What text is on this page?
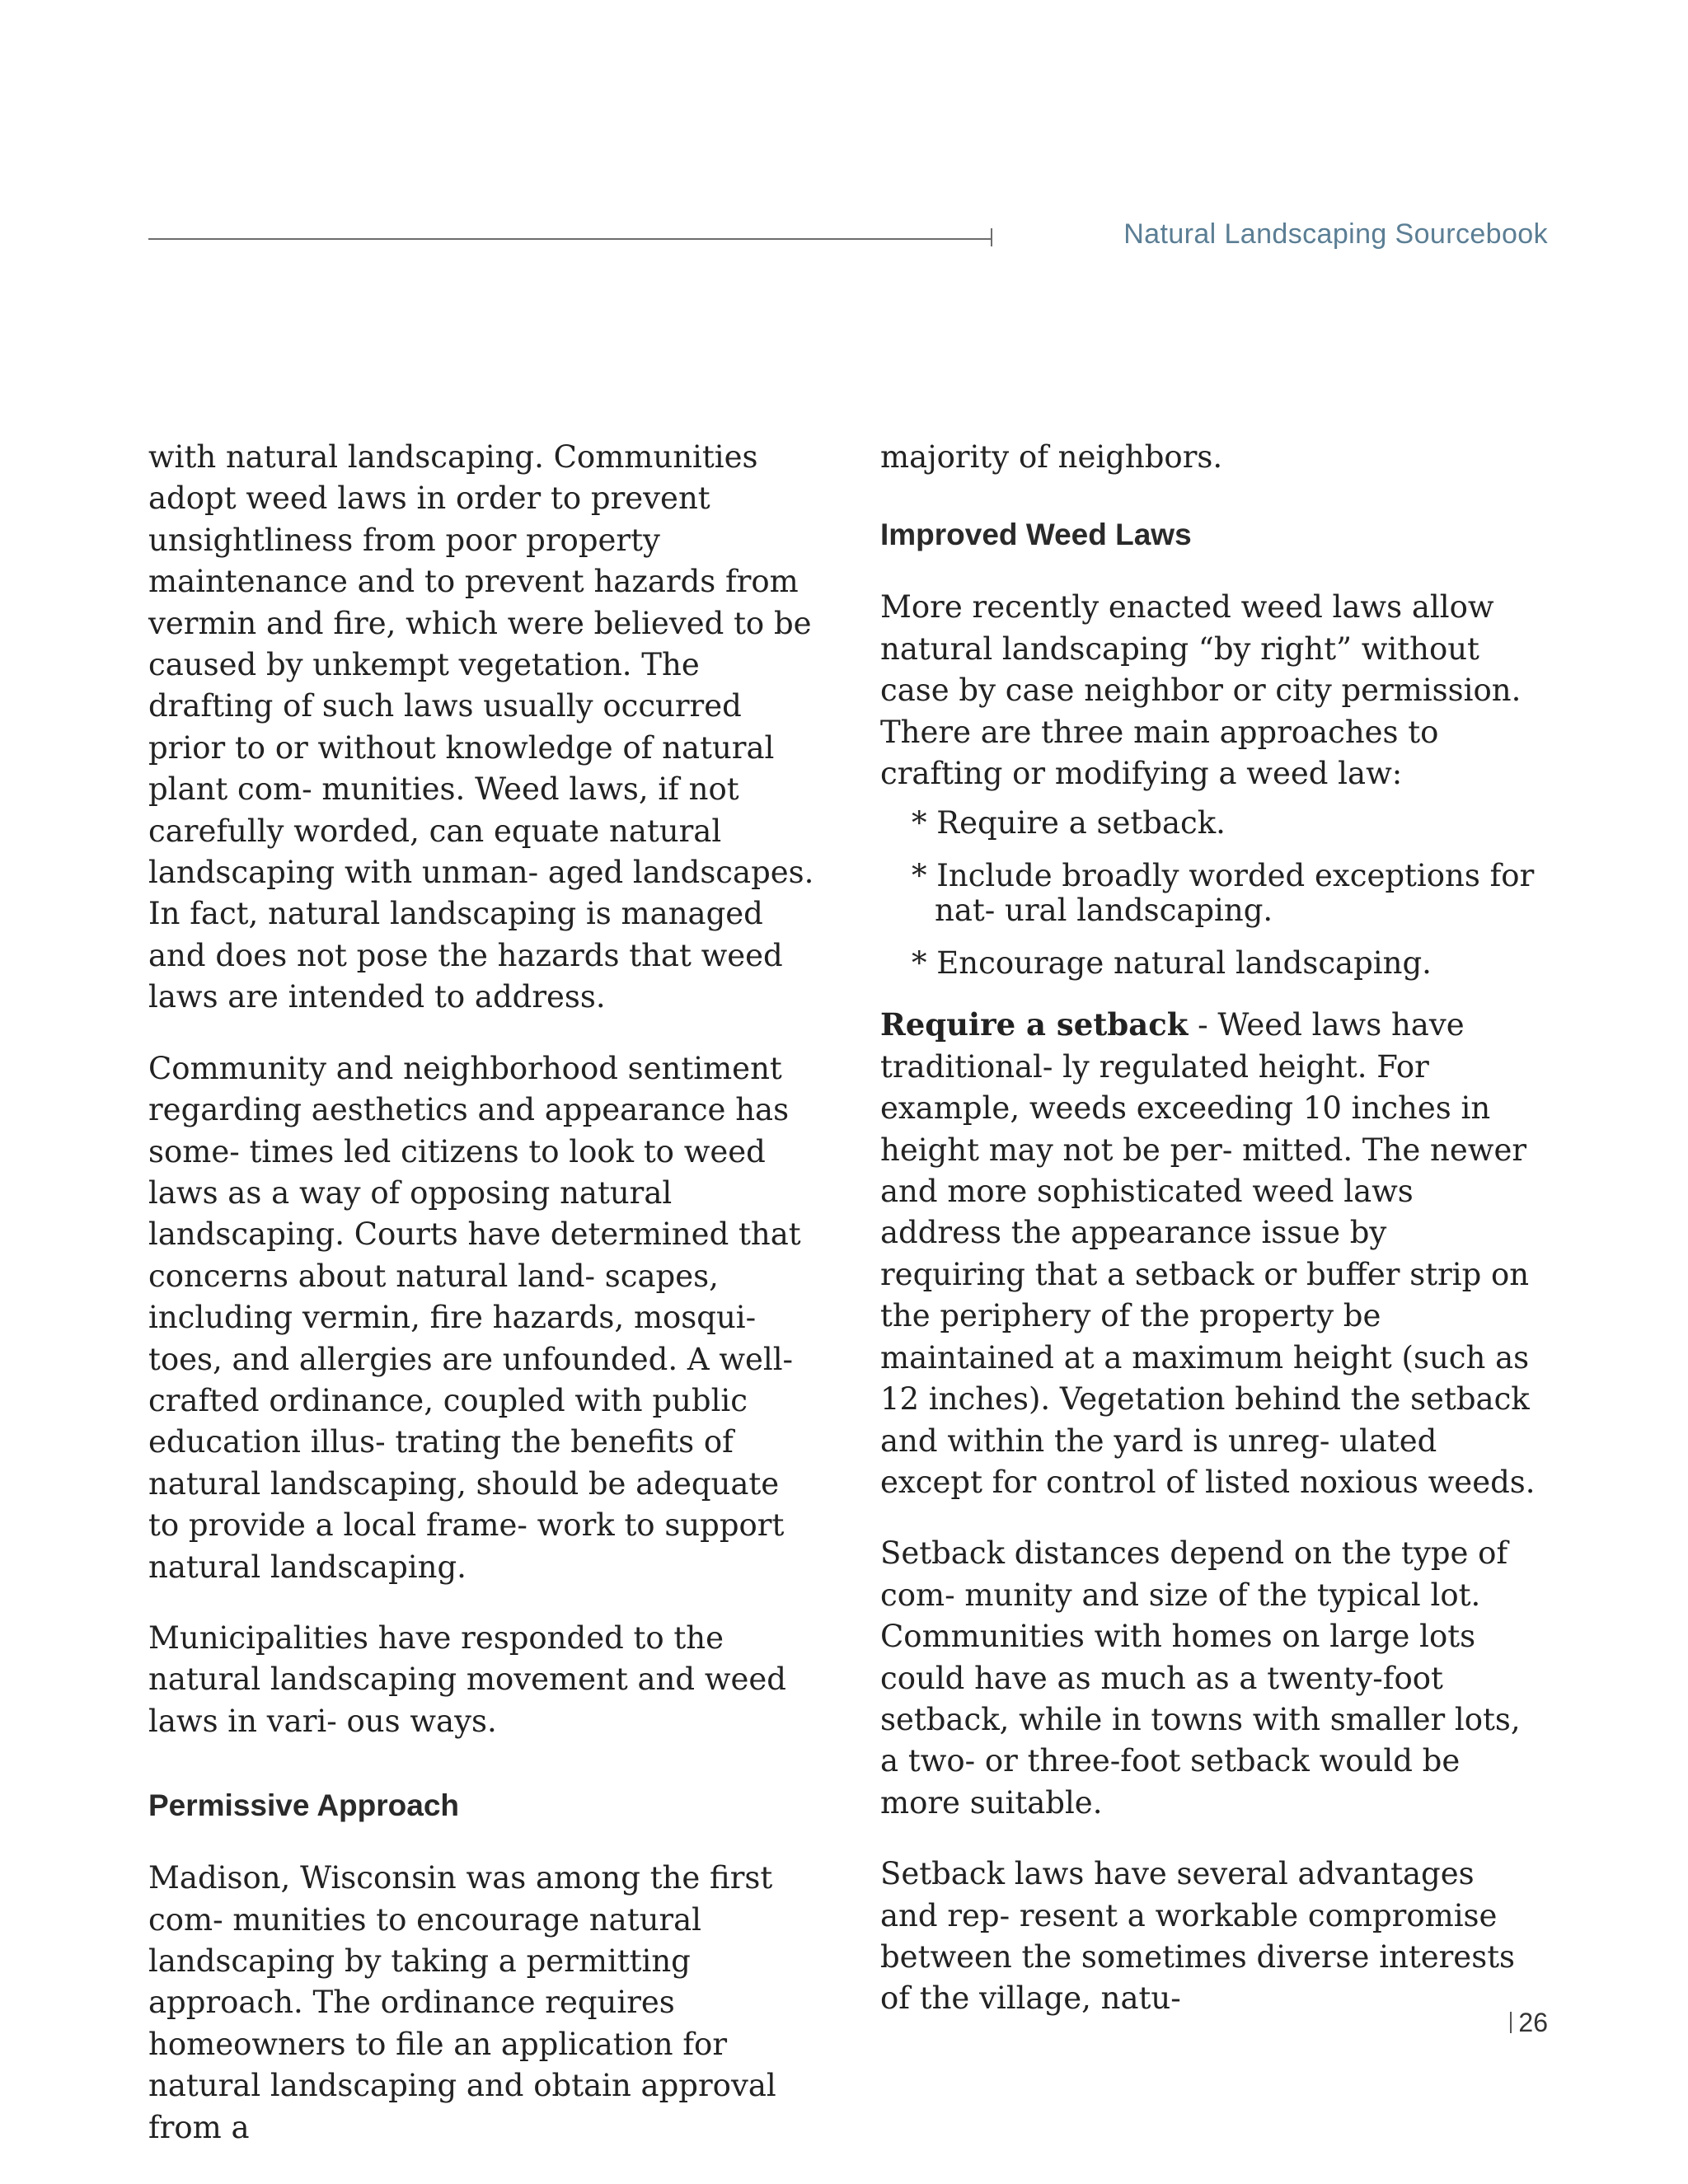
Natural Landscaping Sourcebook

with natural landscaping. Communities adopt weed laws in order to prevent unsightliness from poor property maintenance and to prevent hazards from vermin and fire, which were believed to be caused by unkempt vegetation. The drafting of such laws usually occurred prior to or without knowledge of natural plant com- munities. Weed laws, if not carefully worded, can equate natural landscaping with unman- aged landscapes. In fact, natural landscaping is managed and does not pose the hazards that weed laws are intended to address.

Community and neighborhood sentiment regarding aesthetics and appearance has some- times led citizens to look to weed laws as a way of opposing natural landscaping. Courts have determined that concerns about natural land- scapes, including vermin, fire hazards, mosqui- toes, and allergies are unfounded. A well-crafted ordinance, coupled with public education illus- trating the benefits of natural landscaping, should be adequate to provide a local frame- work to support natural landscaping.

Municipalities have responded to the natural landscaping movement and weed laws in vari- ous ways.

Permissive Approach

Madison, Wisconsin was among the first com- munities to encourage natural landscaping by taking a permitting approach. The ordinance requires homeowners to file an application for natural landscaping and obtain approval from a

majority of neighbors.

Improved Weed Laws

More recently enacted weed laws allow natural landscaping “by right” without case by case neighbor or city permission. There are three main approaches to crafting or modifying a weed law:

* Require a setback.
* Include broadly worded exceptions for nat- ural landscaping.
* Encourage natural landscaping.

Require a setback - Weed laws have traditional- ly regulated height. For example, weeds exceeding 10 inches in height may not be per- mitted. The newer and more sophisticated weed laws address the appearance issue by requiring that a setback or buffer strip on the periphery of the property be maintained at a maximum height (such as 12 inches). Vegetation behind the setback and within the yard is unreg- ulated except for control of listed noxious weeds.

Setback distances depend on the type of com- munity and size of the typical lot. Communities with homes on large lots could have as much as a twenty-foot setback, while in towns with smaller lots, a two- or three-foot setback would be more suitable.

Setback laws have several advantages and rep- resent a workable compromise between the sometimes diverse interests of the village, natu-

26
